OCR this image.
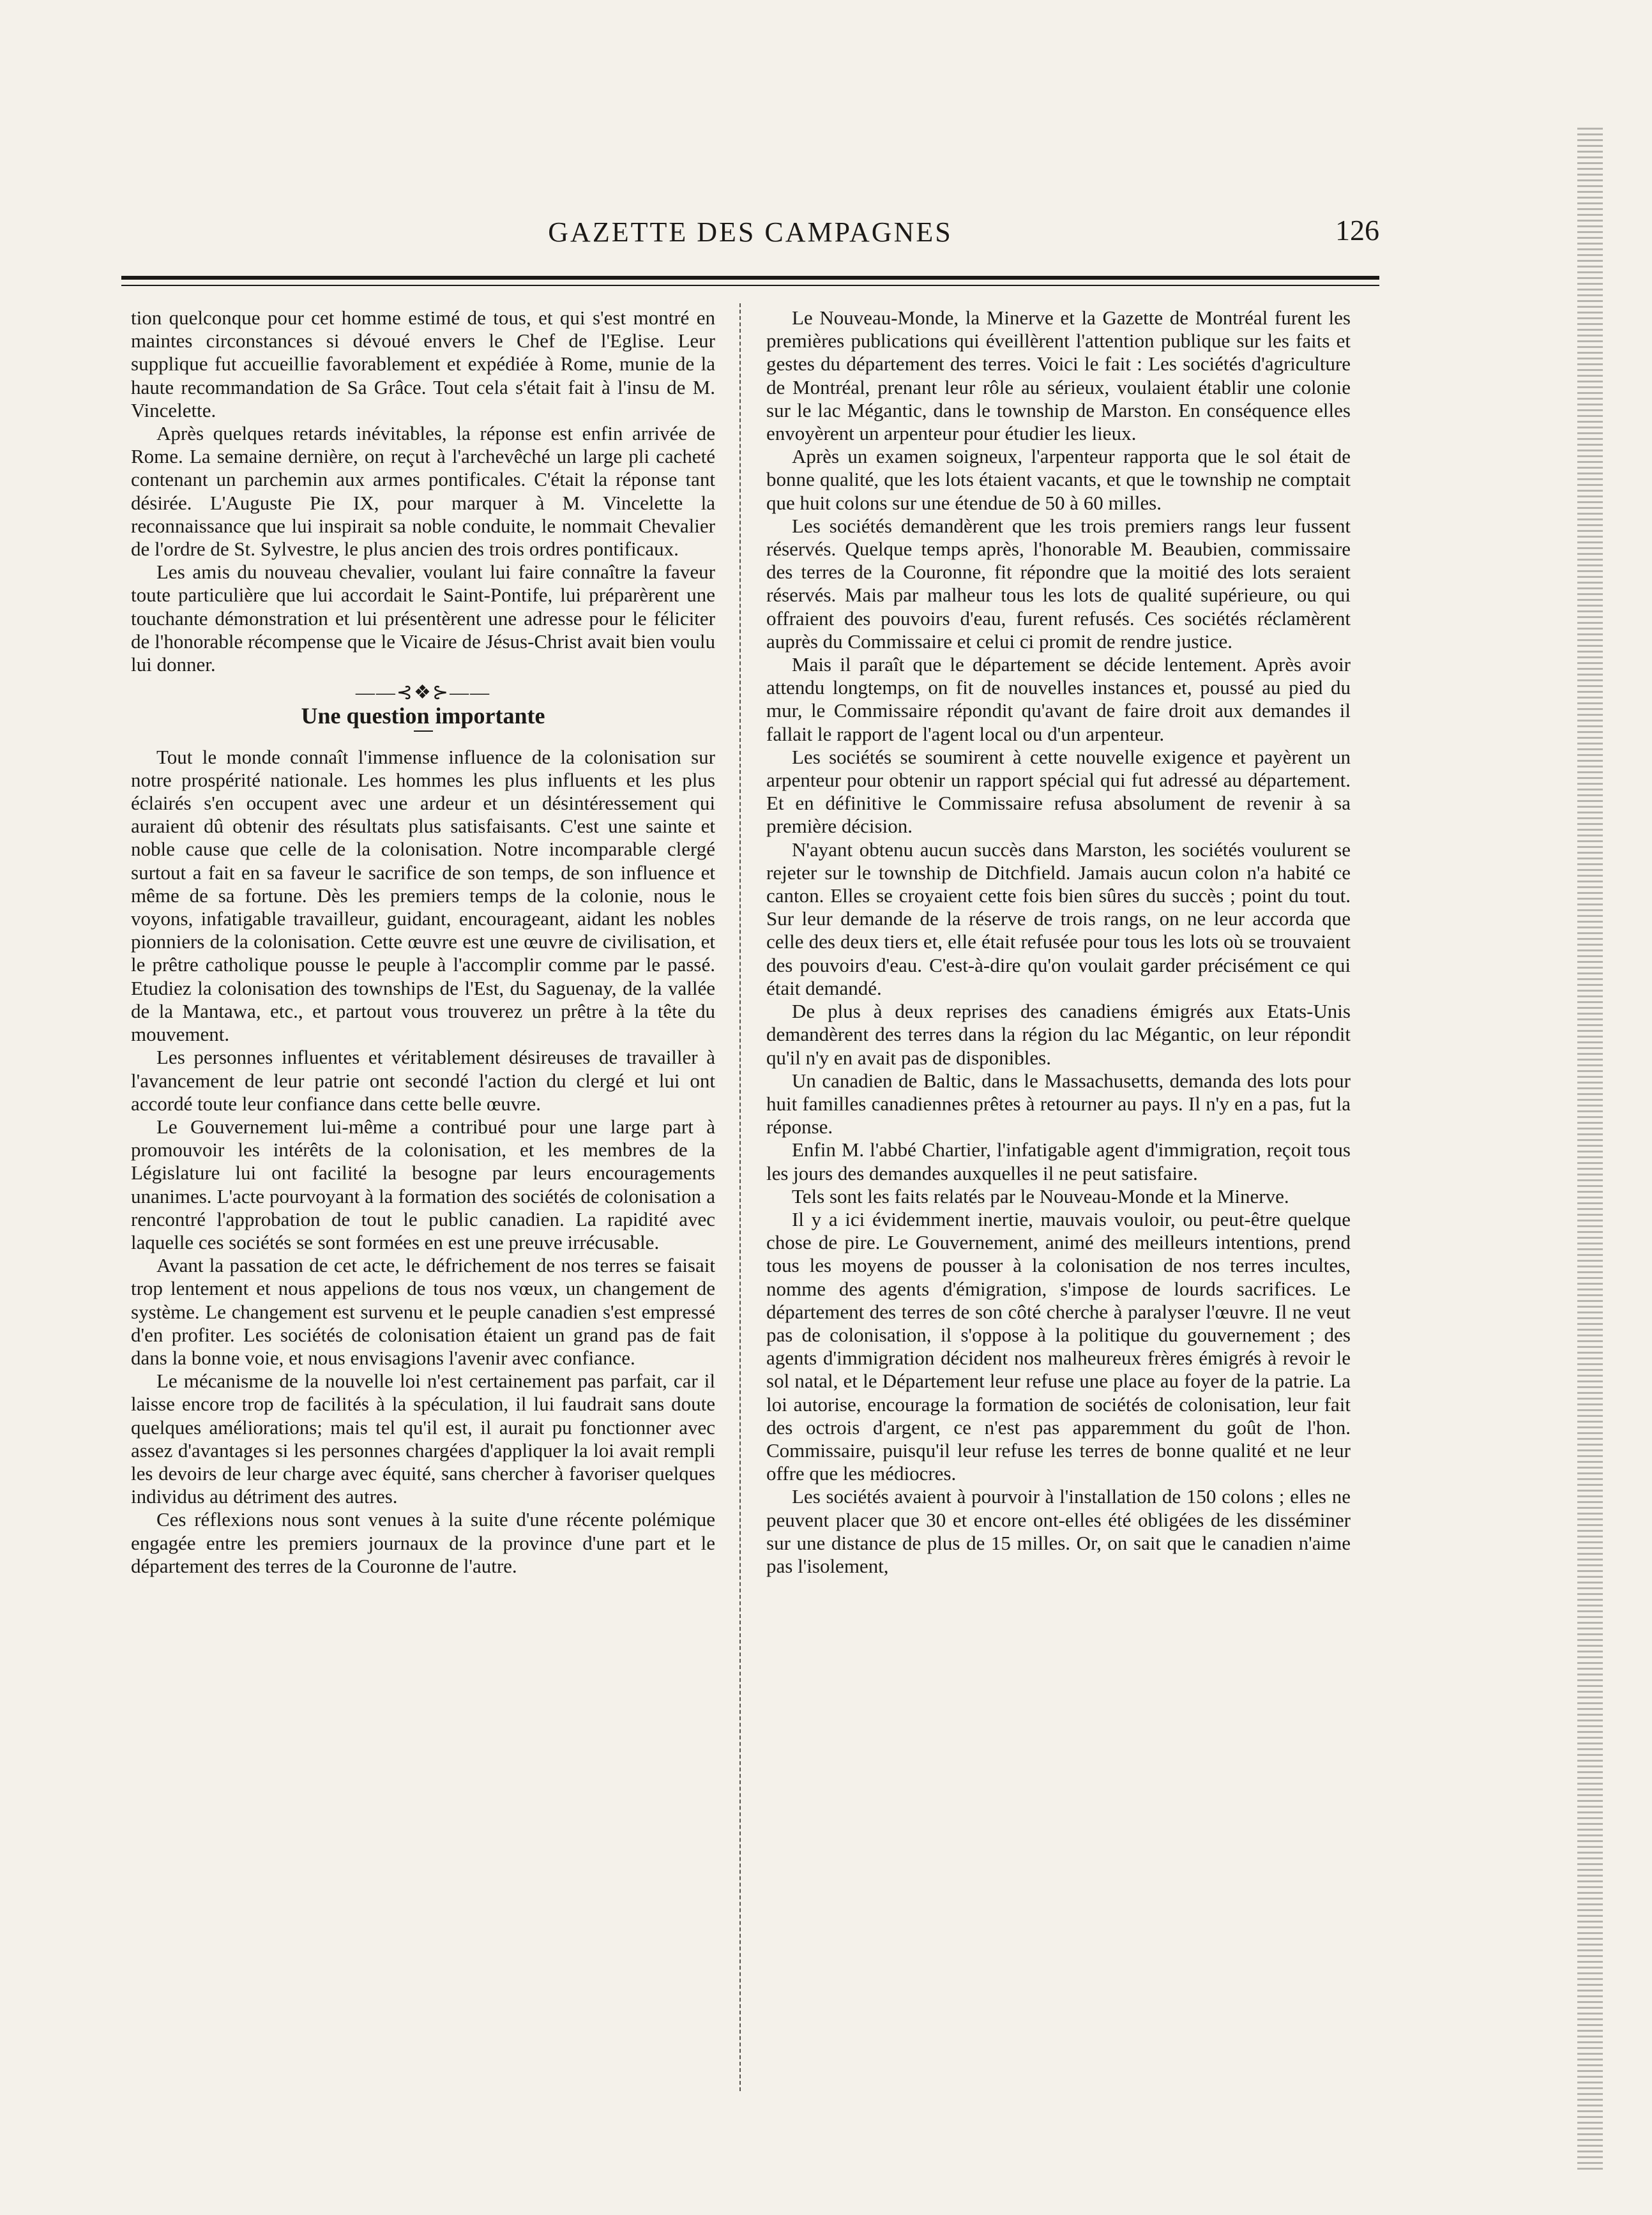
GAZETTE DES CAMPAGNES	126

tion quelconque pour cet homme estimé de tous, et qui s'est montré en maintes circonstances si dévoué envers le Chef de l'Eglise. Leur supplique fut accueillie favorablement et expédiée à Rome, munie de la haute recommandation de Sa Grâce. Tout cela s'était fait à l'insu de M. Vincelette.

Après quelques retards inévitables, la réponse est enfin arrivée de Rome. La semaine dernière, on reçut à l'archevêché un large pli cacheté contenant un parchemin aux armes pontificales. C'était la réponse tant désirée. L'Auguste Pie IX, pour marquer à M. Vincelette la reconnaissance que lui inspirait sa noble conduite, le nommait Chevalier de l'ordre de St. Sylvestre, le plus ancien des trois ordres pontificaux.

Les amis du nouveau chevalier, voulant lui faire connaître la faveur toute particulière que lui accordait le Saint-Pontife, lui préparèrent une touchante démonstration et lui présentèrent une adresse pour le féliciter de l'honorable récompense que le Vicaire de Jésus-Christ avait bien voulu lui donner.

——⊰❖⊱——
Une question importante

Tout le monde connaît l'immense influence de la colonisation sur notre prospérité nationale. Les hommes les plus influents et les plus éclairés s'en occupent avec une ardeur et un désintéressement qui auraient dû obtenir des résultats plus satisfaisants. C'est une sainte et noble cause que celle de la colonisation. Notre incomparable clergé surtout a fait en sa faveur le sacrifice de son temps, de son influence et même de sa fortune. Dès les premiers temps de la colonie, nous le voyons, infatigable travailleur, guidant, encourageant, aidant les nobles pionniers de la colonisation. Cette œuvre est une œuvre de civilisation, et le prêtre catholique pousse le peuple à l'accomplir comme par le passé. Etudiez la colonisation des townships de l'Est, du Saguenay, de la vallée de la Mantawa, etc., et partout vous trouverez un prêtre à la tête du mouvement.

Les personnes influentes et véritablement désireuses de travailler à l'avancement de leur patrie ont secondé l'action du clergé et lui ont accordé toute leur confiance dans cette belle œuvre.

Le Gouvernement lui-même a contribué pour une large part à promouvoir les intérêts de la colonisation, et les membres de la Législature lui ont facilité la besogne par leurs encouragements unanimes. L'acte pourvoyant à la formation des sociétés de colonisation a rencontré l'approbation de tout le public canadien. La rapidité avec laquelle ces sociétés se sont formées en est une preuve irrécusable.

Avant la passation de cet acte, le défrichement de nos terres se faisait trop lentement et nous appelions de tous nos vœux, un changement de système. Le changement est survenu et le peuple canadien s'est empressé d'en profiter. Les sociétés de colonisation étaient un grand pas de fait dans la bonne voie, et nous envisagions l'avenir avec confiance.

Le mécanisme de la nouvelle loi n'est certainement pas parfait, car il laisse encore trop de facilités à la spéculation, il lui faudrait sans doute quelques améliorations; mais tel qu'il est, il aurait pu fonctionner avec assez d'avantages si les personnes chargées d'appliquer la loi avait rempli les devoirs de leur charge avec équité, sans chercher à favoriser quelques individus au détriment des autres.

Ces réflexions nous sont venues à la suite d'une récente polémique engagée entre les premiers journaux de la province d'une part et le département des terres de la Couronne de l'autre.

Le Nouveau-Monde, la Minerve et la Gazette de Montréal furent les premières publications qui éveillèrent l'attention publique sur les faits et gestes du département des terres. Voici le fait : Les sociétés d'agriculture de Montréal, prenant leur rôle au sérieux, voulaient établir une colonie sur le lac Mégantic, dans le township de Marston. En conséquence elles envoyèrent un arpenteur pour étudier les lieux.

Après un examen soigneux, l'arpenteur rapporta que le sol était de bonne qualité, que les lots étaient vacants, et que le township ne comptait que huit colons sur une étendue de 50 à 60 milles.

Les sociétés demandèrent que les trois premiers rangs leur fussent réservés. Quelque temps après, l'honorable M. Beaubien, commissaire des terres de la Couronne, fit répondre que la moitié des lots seraient réservés. Mais par malheur tous les lots de qualité supérieure, ou qui offraient des pouvoirs d'eau, furent refusés. Ces sociétés réclamèrent auprès du Commissaire et celui ci promit de rendre justice.

Mais il paraît que le département se décide lentement. Après avoir attendu longtemps, on fit de nouvelles instances et, poussé au pied du mur, le Commissaire répondit qu'avant de faire droit aux demandes il fallait le rapport de l'agent local ou d'un arpenteur.

Les sociétés se soumirent à cette nouvelle exigence et payèrent un arpenteur pour obtenir un rapport spécial qui fut adressé au département. Et en définitive le Commissaire refusa absolument de revenir à sa première décision.

N'ayant obtenu aucun succès dans Marston, les sociétés voulurent se rejeter sur le township de Ditchfield. Jamais aucun colon n'a habité ce canton. Elles se croyaient cette fois bien sûres du succès ; point du tout. Sur leur demande de la réserve de trois rangs, on ne leur accorda que celle des deux tiers et, elle était refusée pour tous les lots où se trouvaient des pouvoirs d'eau. C'est-à-dire qu'on voulait garder précisément ce qui était demandé.

De plus à deux reprises des canadiens émigrés aux Etats-Unis demandèrent des terres dans la région du lac Mégantic, on leur répondit qu'il n'y en avait pas de disponibles.

Un canadien de Baltic, dans le Massachusetts, demanda des lots pour huit familles canadiennes prêtes à retourner au pays. Il n'y en a pas, fut la réponse.

Enfin M. l'abbé Chartier, l'infatigable agent d'immigration, reçoit tous les jours des demandes auxquelles il ne peut satisfaire.

Tels sont les faits relatés par le Nouveau-Monde et la Minerve.

Il y a ici évidemment inertie, mauvais vouloir, ou peut-être quelque chose de pire. Le Gouvernement, animé des meilleurs intentions, prend tous les moyens de pousser à la colonisation de nos terres incultes, nomme des agents d'émigration, s'impose de lourds sacrifices. Le département des terres de son côté cherche à paralyser l'œuvre. Il ne veut pas de colonisation, il s'oppose à la politique du gouvernement ; des agents d'immigration décident nos malheureux frères émigrés à revoir le sol natal, et le Département leur refuse une place au foyer de la patrie. La loi autorise, encourage la formation de sociétés de colonisation, leur fait des octrois d'argent, ce n'est pas apparemment du goût de l'hon. Commissaire, puisqu'il leur refuse les terres de bonne qualité et ne leur offre que les médiocres.

Les sociétés avaient à pourvoir à l'installation de 150 colons ; elles ne peuvent placer que 30 et encore ont-elles été obligées de les disséminer sur une distance de plus de 15 milles. Or, on sait que le canadien n'aime pas l'isolement,
